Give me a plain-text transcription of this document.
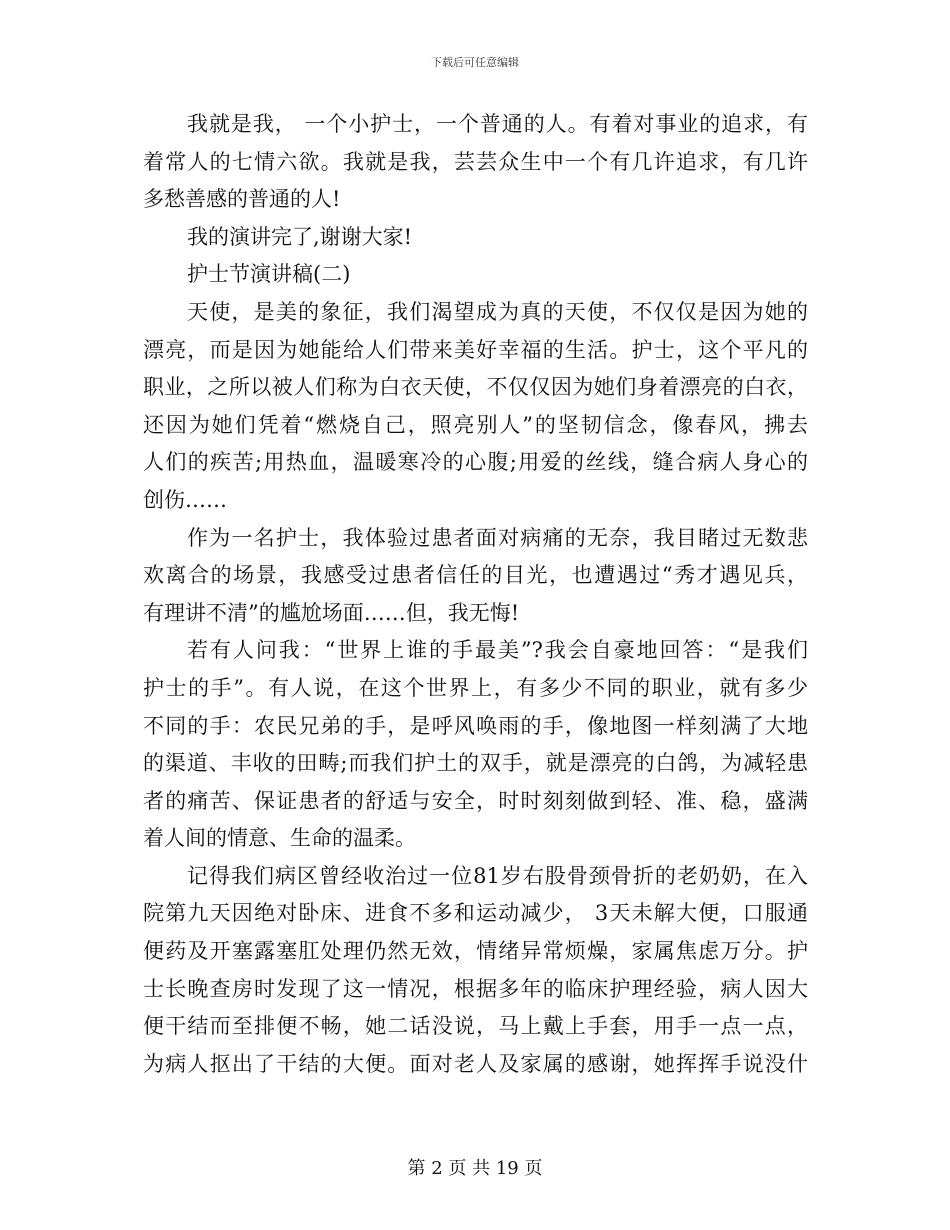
下载后可任意编辑
我就是我， 一个小护士，一个普通的人。有着对事业的追求，有
着常人的七情六欲。我就是我，芸芸众生中一个有几许追求，有几许
多愁善感的普通的人!
我的演讲完了,谢谢大家!
护士节演讲稿(二)
天使，是美的象征，我们渴望成为真的天使，不仅仅是因为她的
漂亮，而是因为她能给人们带来美好幸福的生活。护士，这个平凡的
职业，之所以被人们称为白衣天使，不仅仅因为她们身着漂亮的白衣，
还因为她们凭着“燃烧自己，照亮别人”的坚韧信念，像春风，拂去
人们的疾苦;用热血，温暖寒冷的心腹;用爱的丝线，缝合病人身心的
创伤……
作为一名护士，我体验过患者面对病痛的无奈，我目睹过无数悲
欢离合的场景，我感受过患者信任的目光，也遭遇过“秀才遇见兵，
有理讲不清”的尴尬场面……但，我无悔!
若有人问我：“世界上谁的手最美”?我会自豪地回答：“是我们
护士的手”。有人说，在这个世界上，有多少不同的职业，就有多少
不同的手：农民兄弟的手，是呼风唤雨的手，像地图一样刻满了大地
的渠道、丰收的田畴;而我们护土的双手，就是漂亮的白鸽，为减轻患
者的痛苦、保证患者的舒适与安全，时时刻刻做到轻、准、稳，盛满
着人间的情意、生命的温柔。
记得我们病区曾经收治过一位81岁右股骨颈骨折的老奶奶，在入
院第九天因绝对卧床、进食不多和运动减少， 3天未解大便，口服通
便药及开塞露塞肛处理仍然无效，情绪异常烦燥，家属焦虑万分。护
士长晚查房时发现了这一情况，根据多年的临床护理经验，病人因大
便干结而至排便不畅，她二话没说，马上戴上手套，用手一点一点，
为病人抠出了干结的大便。面对老人及家属的感谢，她挥挥手说没什
第 2 页 共 19 页
